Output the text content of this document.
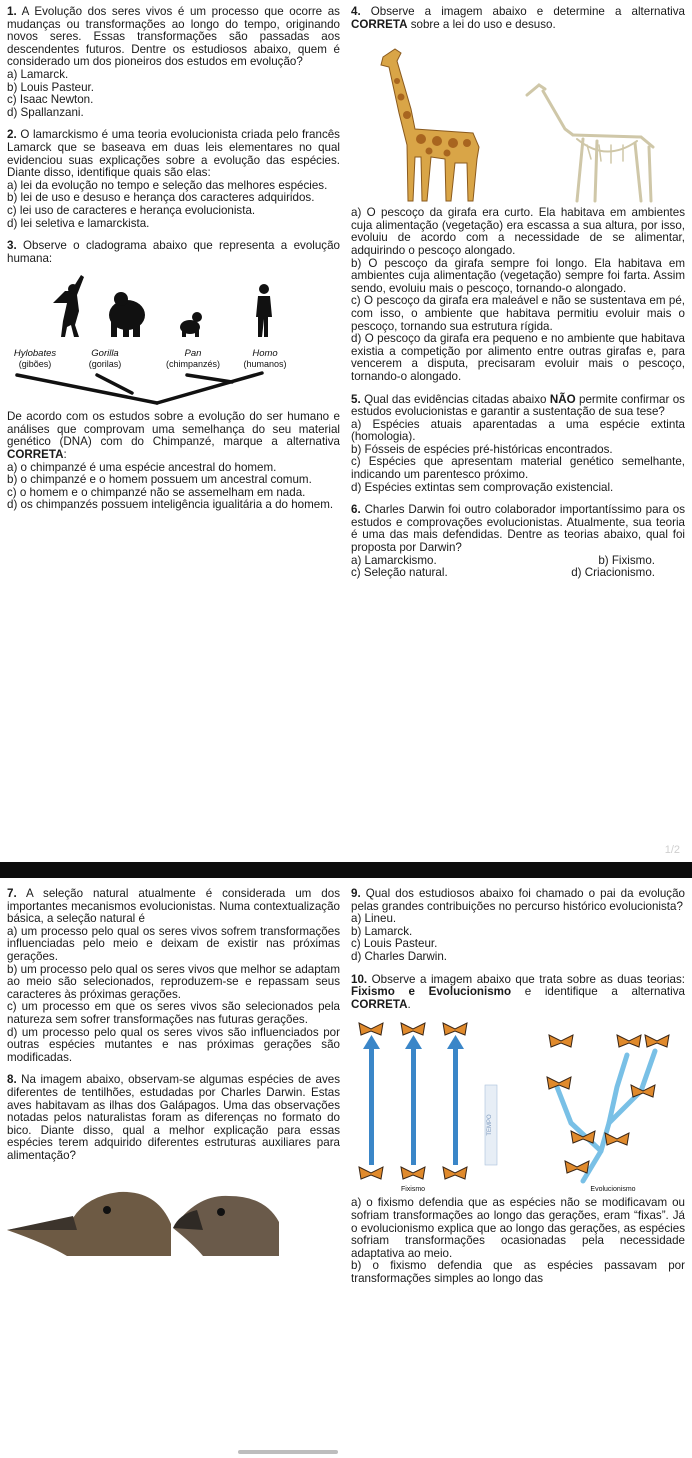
1. A Evolução dos seres vivos é um processo que ocorre as mudanças ou transformações ao longo do tempo, originando novos seres. Essas transformações são passadas aos descendentes futuros. Dentre os estudiosos abaixo, quem é considerado um dos pioneiros dos estudos em evolução?

a) Lamarck.
b) Louis Pasteur.
c) Isaac Newton.
d) Spallanzani.

2. O lamarckismo é uma teoria evolucionista criada pelo francês Lamarck que se baseava em duas leis elementares no qual evidenciou suas explicações sobre a evolução das espécies. Diante disso, identifique quais são elas:

a) lei da evolução no tempo e seleção das melhores espécies.
b) lei de uso e desuso e herança dos caracteres adquiridos.
c) lei uso de caracteres e herança evolucionista.
d) lei seletiva e lamarckista.

3. Observe o cladograma abaixo que representa a evolução humana:

Hylobates	Gorilla	Pan	Homo
(gibões)	(gorilas)	(chimpanzés)	(humanos)

De acordo com os estudos sobre a evolução do ser humano e análises que comprovam uma semelhança do seu material genético (DNA) com do Chimpanzé, marque a alternativa CORRETA:

a) o chimpanzé é uma espécie ancestral do homem.
b) o chimpanzé e o homem possuem um ancestral comum.
c) o homem e o chimpanzé não se assemelham em nada.
d) os chimpanzés possuem inteligência igualitária a do homem.

4. Observe a imagem abaixo e determine a alternativa CORRETA sobre a lei do uso e desuso.

a) O pescoço da girafa era curto. Ela habitava em ambientes cuja alimentação (vegetação) era escassa a sua altura, por isso, evoluiu de acordo com a necessidade de se alimentar, adquirindo o pescoço alongado.
b) O pescoço da girafa sempre foi longo. Ela habitava em ambientes cuja alimentação (vegetação) sempre foi farta. Assim sendo, evoluiu mais o pescoço, tornando-o alongado.
c) O pescoço da girafa era maleável e não se sustentava em pé, com isso, o ambiente que habitava permitiu evoluir mais o pescoço, tornando sua estrutura rígida.
d) O pescoço da girafa era pequeno e no ambiente que habitava existia a competição por alimento entre outras girafas e, para vencerem a disputa, precisaram evoluir mais o pescoço, tornando-o alongado.

5. Qual das evidências citadas abaixo NÃO permite confirmar os estudos evolucionistas e garantir a sustentação de sua tese?

a) Espécies atuais aparentadas a uma espécie extinta (homologia).
b) Fósseis de espécies pré-históricas encontrados.
c) Espécies que apresentam material genético semelhante, indicando um parentesco próximo.
d) Espécies extintas sem comprovação existencial.

6. Charles Darwin foi outro colaborador importantíssimo para os estudos e comprovações evolucionistas. Atualmente, sua teoria é uma das mais defendidas. Dentre as teorias abaixo, qual foi proposta por Darwin?

a) Lamarckismo.	b) Fixismo.
c) Seleção natural.	d) Criacionismo.
1/2

7. A seleção natural atualmente é considerada um dos importantes mecanismos evolucionistas. Numa contextualização básica, a seleção natural é

a) um processo pelo qual os seres vivos sofrem transformações influenciadas pelo meio e deixam de existir nas próximas gerações.
b) um processo pelo qual os seres vivos que melhor se adaptam ao meio são selecionados, reproduzem-se e repassam seus caracteres às próximas gerações.
c) um processo em que os seres vivos são selecionados pela natureza sem sofrer transformações nas futuras gerações.
d) um processo pelo qual os seres vivos são influenciados por outras espécies mutantes e nas próximas gerações são modificadas.

8. Na imagem abaixo, observam-se algumas espécies de aves diferentes de tentilhões, estudadas por Charles Darwin. Estas aves habitavam as ilhas dos Galápagos. Uma das observações notadas pelos naturalistas foram as diferenças no formato do bico. Diante disso, qual a melhor explicação para essas espécies terem adquirido diferentes estruturas auxiliares para alimentação?

9. Qual dos estudiosos abaixo foi chamado o pai da evolução pelas grandes contribuições no percurso histórico evolucionista?

a) Lineu.
b) Lamarck.
c) Louis Pasteur.
d) Charles Darwin.

10. Observe a imagem abaixo que trata sobre as duas teorias: Fixismo e Evolucionismo e identifique a alternativa CORRETA.

Fixismo
TEMPO
Evolucionismo
a) o fixismo defendia que as espécies não se modificavam ou sofriam transformações ao longo das gerações, eram “fixas”. Já o evolucionismo explica que ao longo das gerações, as espécies sofriam transformações ocasionadas pela necessidade adaptativa ao meio.
b) o fixismo defendia que as espécies passavam por transformações simples ao longo das
